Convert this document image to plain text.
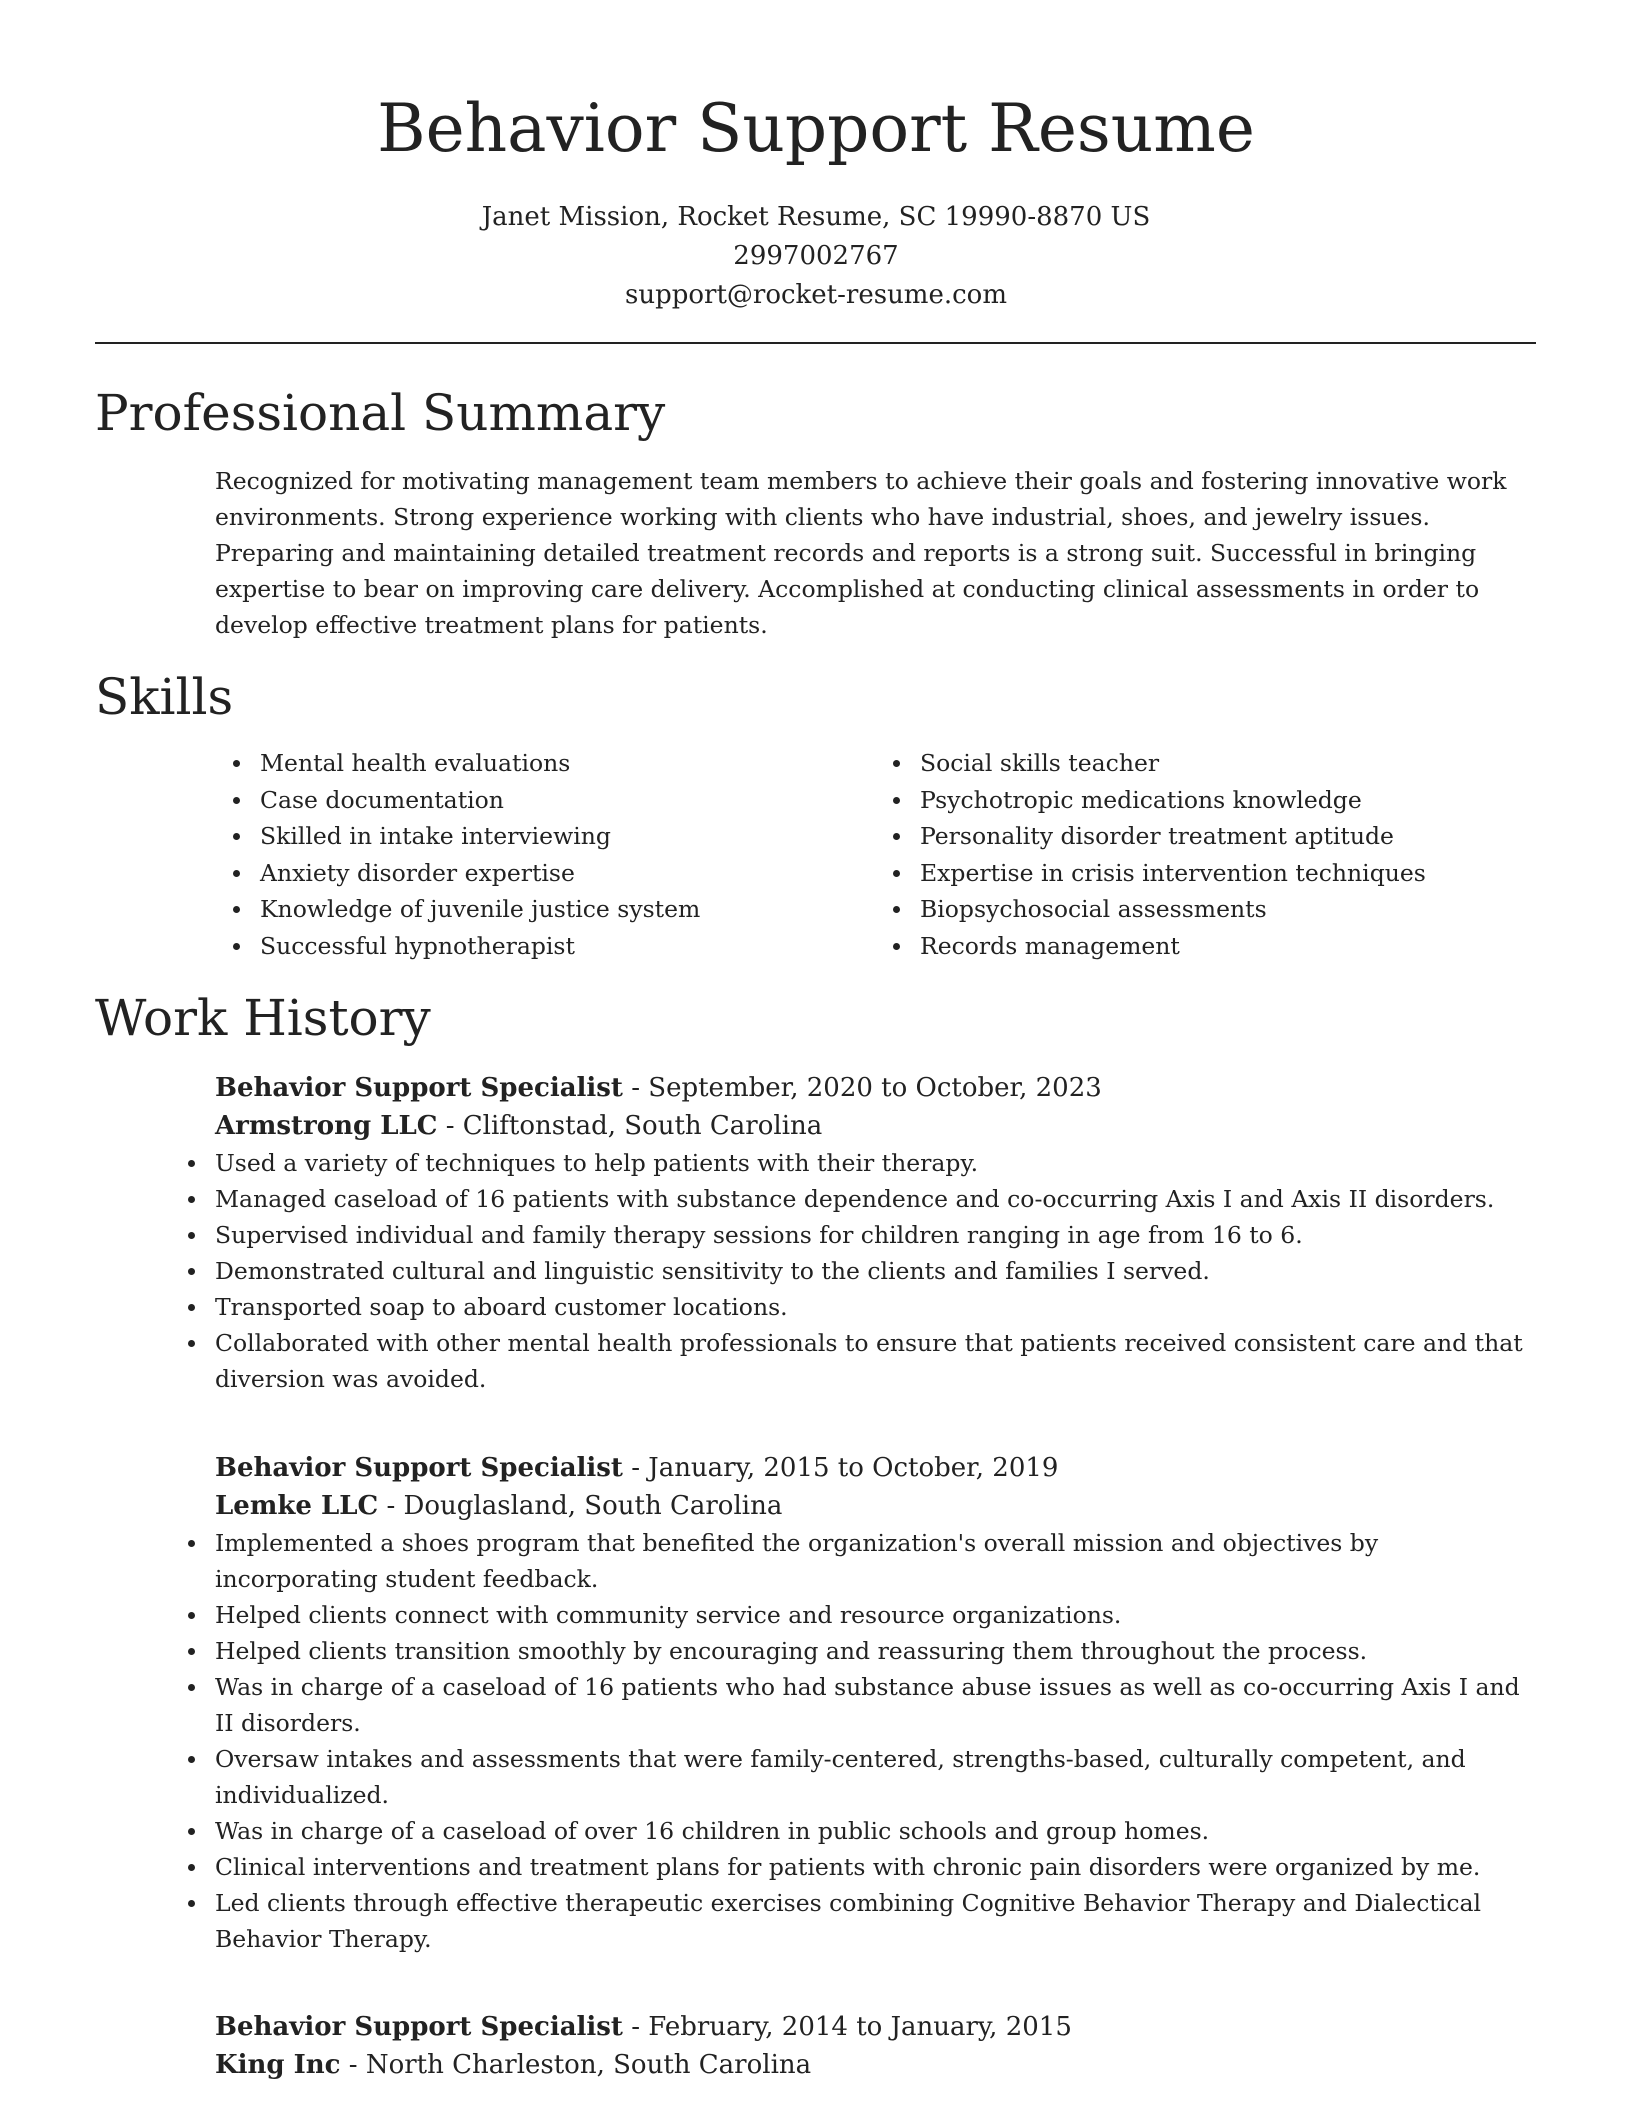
Behavior Support Resume
Janet Mission, Rocket Resume, SC 19990-8870 US
2997002767
support@rocket-resume.com
Professional Summary
Recognized for motivating management team members to achieve their goals and fostering innovative work environments. Strong experience working with clients who have industrial, shoes, and jewelry issues. Preparing and maintaining detailed treatment records and reports is a strong suit. Successful in bringing expertise to bear on improving care delivery. Accomplished at conducting clinical assessments in order to develop effective treatment plans for patients.
Skills
Mental health evaluations
Case documentation
Skilled in intake interviewing
Anxiety disorder expertise
Knowledge of juvenile justice system
Successful hypnotherapist
Social skills teacher
Psychotropic medications knowledge
Personality disorder treatment aptitude
Expertise in crisis intervention techniques
Biopsychosocial assessments
Records management
Work History
Behavior Support Specialist - September, 2020 to October, 2023
Armstrong LLC - Cliftonstad, South Carolina
Used a variety of techniques to help patients with their therapy.
Managed caseload of 16 patients with substance dependence and co-occurring Axis I and Axis II disorders.
Supervised individual and family therapy sessions for children ranging in age from 16 to 6.
Demonstrated cultural and linguistic sensitivity to the clients and families I served.
Transported soap to aboard customer locations.
Collaborated with other mental health professionals to ensure that patients received consistent care and that diversion was avoided.
Behavior Support Specialist - January, 2015 to October, 2019
Lemke LLC - Douglasland, South Carolina
Implemented a shoes program that benefited the organization's overall mission and objectives by incorporating student feedback.
Helped clients connect with community service and resource organizations.
Helped clients transition smoothly by encouraging and reassuring them throughout the process.
Was in charge of a caseload of 16 patients who had substance abuse issues as well as co-occurring Axis I and II disorders.
Oversaw intakes and assessments that were family-centered, strengths-based, culturally competent, and individualized.
Was in charge of a caseload of over 16 children in public schools and group homes.
Clinical interventions and treatment plans for patients with chronic pain disorders were organized by me.
Led clients through effective therapeutic exercises combining Cognitive Behavior Therapy and Dialectical Behavior Therapy.
Behavior Support Specialist - February, 2014 to January, 2015
King Inc - North Charleston, South Carolina
